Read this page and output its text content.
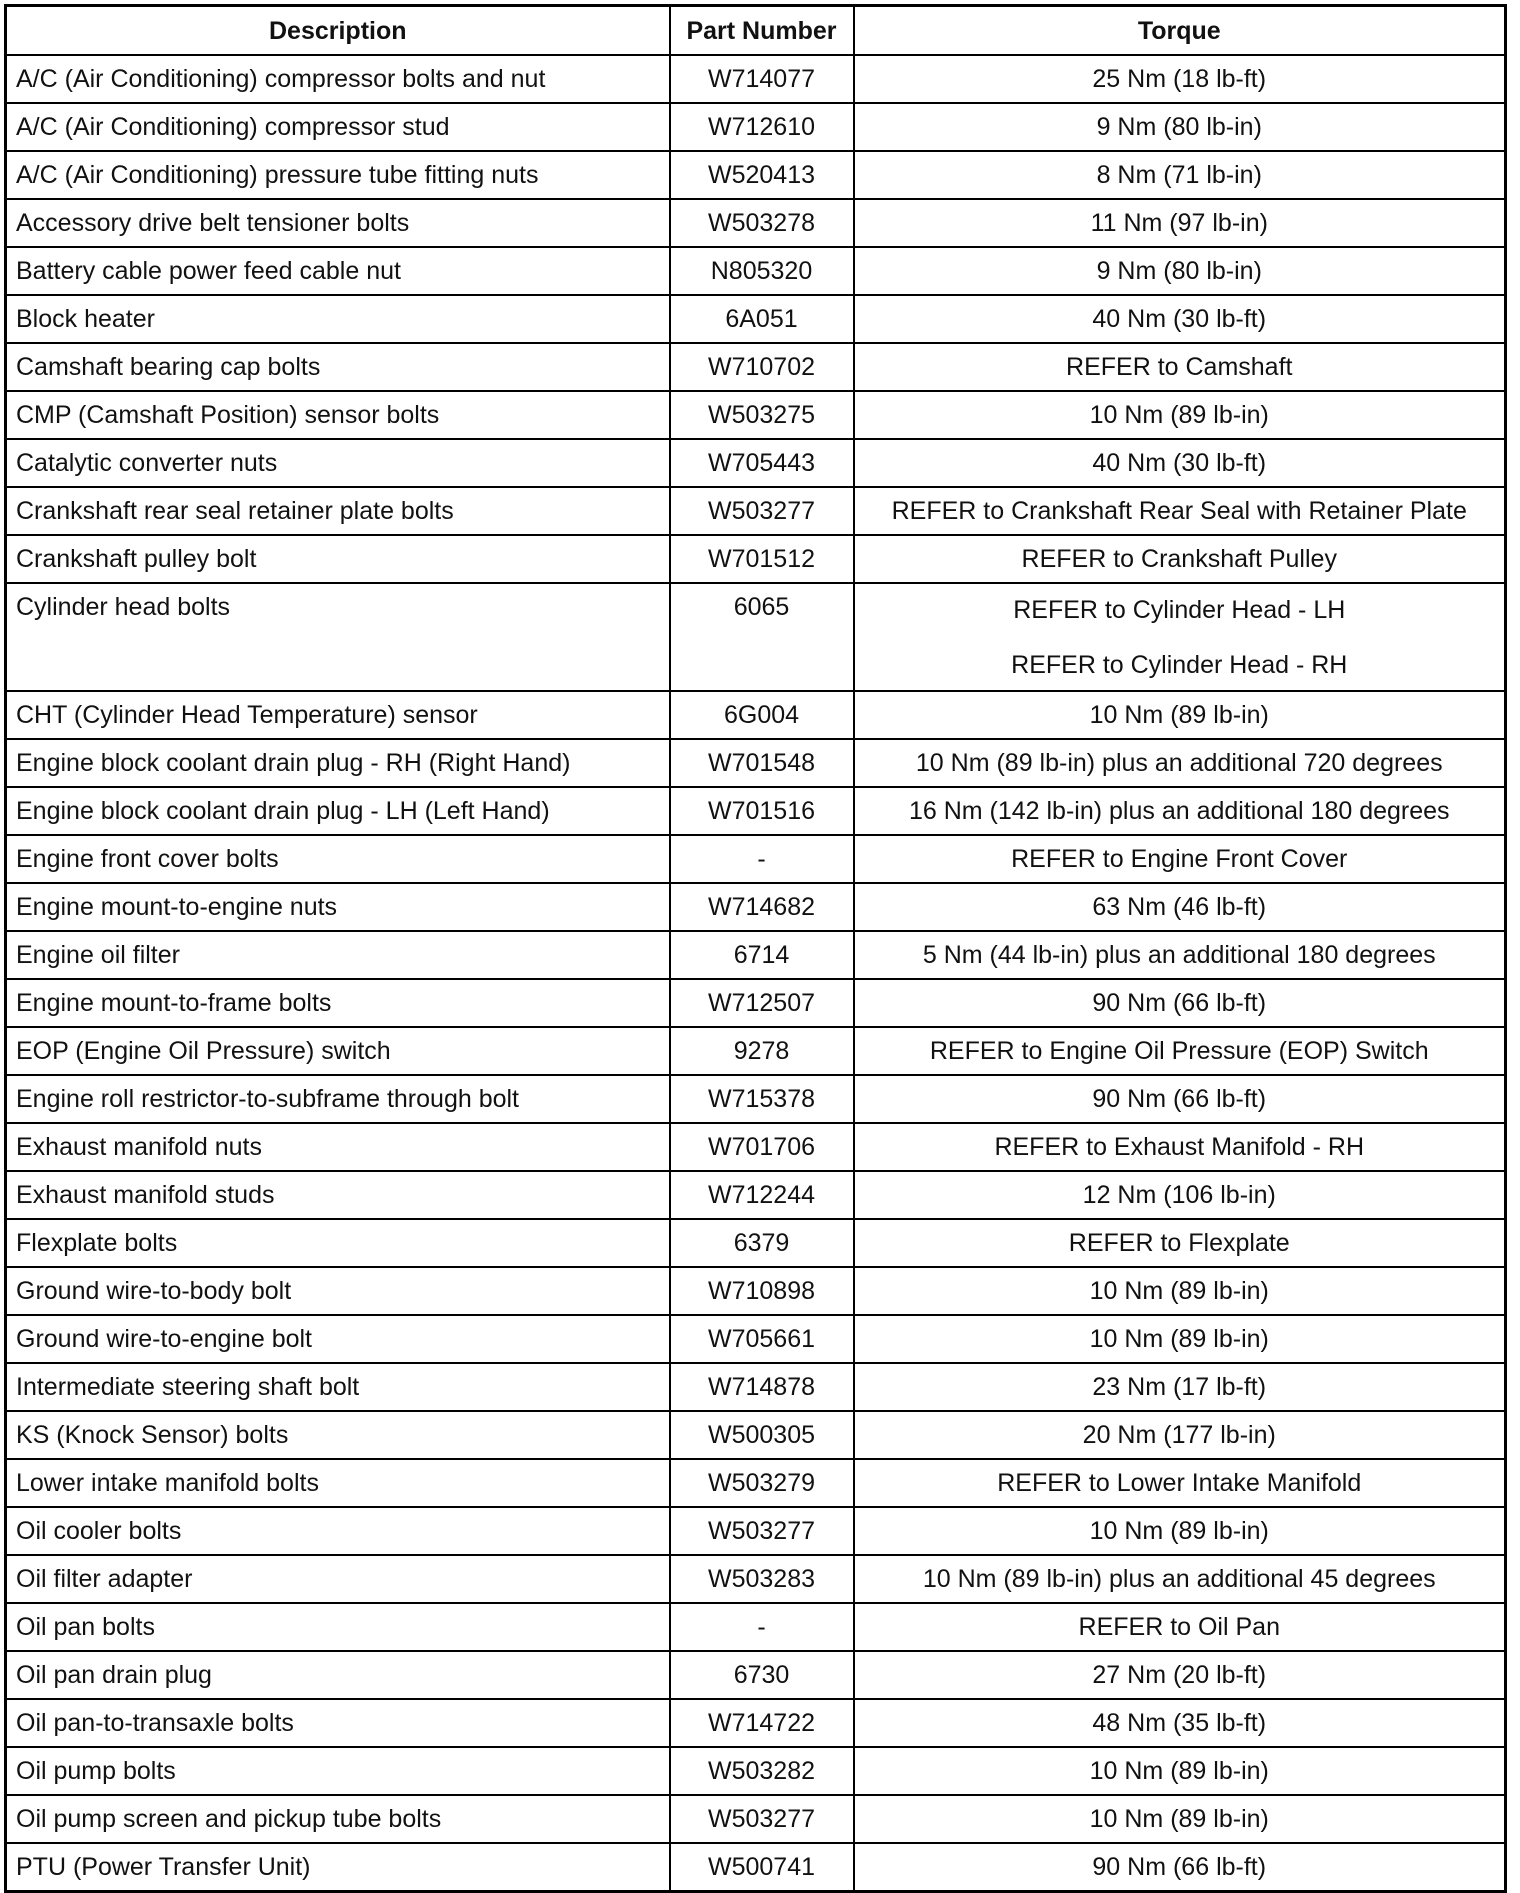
Description	Part Number	Torque
A/C (Air Conditioning) compressor bolts and nut	W714077	25 Nm (18 lb-ft)

A/C (Air Conditioning) compressor stud	W712610	9 Nm (80 lb-in)

A/C (Air Conditioning) pressure tube fitting nuts	W520413	8 Nm (71 lb-in)

Accessory drive belt tensioner bolts	W503278	11 Nm (97 lb-in)

Battery cable power feed cable nut	N805320	9 Nm (80 lb-in)

Block heater	6A051	40 Nm (30 lb-ft)

Camshaft bearing cap bolts	W710702	REFER to Camshaft

CMP (Camshaft Position) sensor bolts	W503275	10 Nm (89 lb-in)

Catalytic converter nuts	W705443	40 Nm (30 lb-ft)

Crankshaft rear seal retainer plate bolts	W503277	REFER to Crankshaft Rear Seal with Retainer Plate

Crankshaft pulley bolt	W701512	REFER to Crankshaft Pulley

Cylinder head bolts	6065	REFER to Cylinder Head - LH
REFER to Cylinder Head - RH

CHT (Cylinder Head Temperature) sensor	6G004	10 Nm (89 lb-in)

Engine block coolant drain plug - RH (Right Hand)	W701548	10 Nm (89 lb-in) plus an additional 720 degrees

Engine block coolant drain plug - LH (Left Hand)	W701516	16 Nm (142 lb-in) plus an additional 180 degrees

Engine front cover bolts	-	REFER to Engine Front Cover

Engine mount-to-engine nuts	W714682	63 Nm (46 lb-ft)

Engine oil filter	6714	5 Nm (44 lb-in) plus an additional 180 degrees

Engine mount-to-frame bolts	W712507	90 Nm (66 lb-ft)

EOP (Engine Oil Pressure) switch	9278	REFER to Engine Oil Pressure (EOP) Switch

Engine roll restrictor-to-subframe through bolt	W715378	90 Nm (66 lb-ft)

Exhaust manifold nuts	W701706	REFER to Exhaust Manifold - RH

Exhaust manifold studs	W712244	12 Nm (106 lb-in)

Flexplate bolts	6379	REFER to Flexplate

Ground wire-to-body bolt	W710898	10 Nm (89 lb-in)

Ground wire-to-engine bolt	W705661	10 Nm (89 lb-in)

Intermediate steering shaft bolt	W714878	23 Nm (17 lb-ft)

KS (Knock Sensor) bolts	W500305	20 Nm (177 lb-in)

Lower intake manifold bolts	W503279	REFER to Lower Intake Manifold

Oil cooler bolts	W503277	10 Nm (89 lb-in)

Oil filter adapter	W503283	10 Nm (89 lb-in) plus an additional 45 degrees

Oil pan bolts	-	REFER to Oil Pan

Oil pan drain plug	6730	27 Nm (20 lb-ft)

Oil pan-to-transaxle bolts	W714722	48 Nm (35 lb-ft)

Oil pump bolts	W503282	10 Nm (89 lb-in)

Oil pump screen and pickup tube bolts	W503277	10 Nm (89 lb-in)

PTU (Power Transfer Unit)	W500741	90 Nm (66 lb-ft)
